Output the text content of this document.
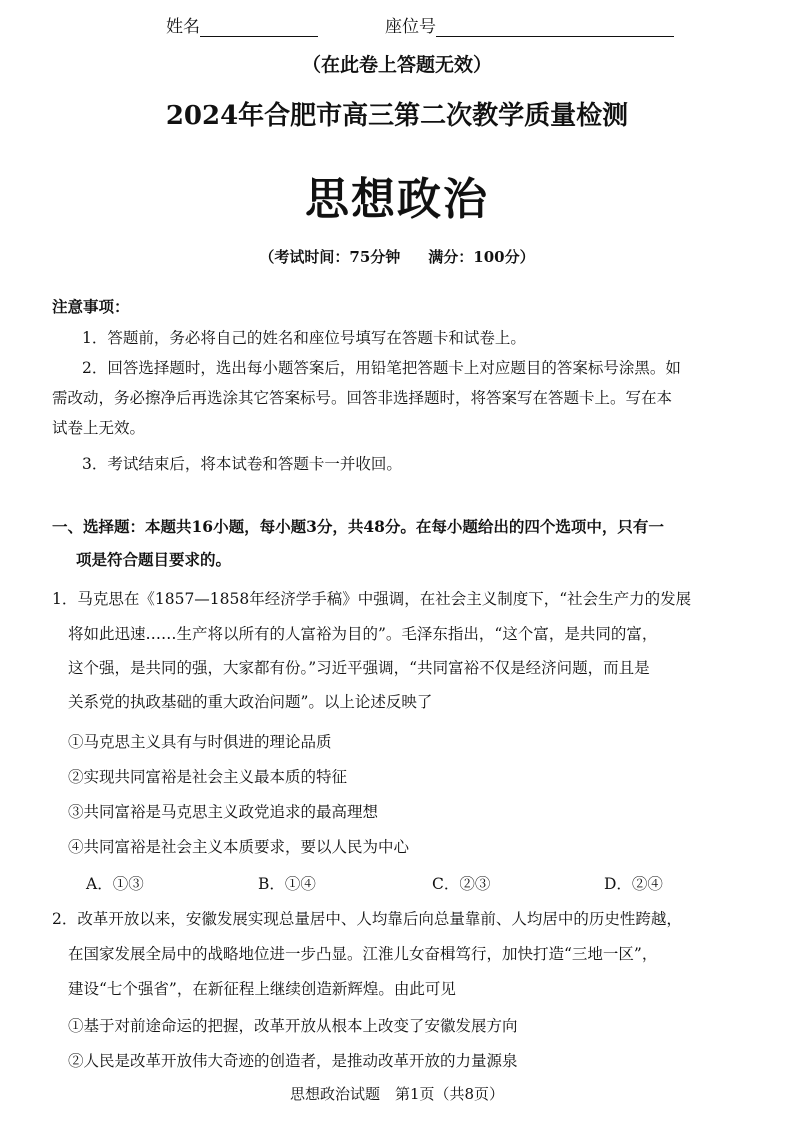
姓名	座位号
（在此卷上答题无效）
2024年合肥市高三第二次教学质量检测
思想政治
（考试时间：75分钟 满分：100分）
注意事项：
1．答题前，务必将自己的姓名和座位号填写在答题卡和试卷上。
2．回答选择题时，选出每小题答案后，用铅笔把答题卡上对应题目的答案标号涂黑。如
需改动，务必擦净后再选涂其它答案标号。回答非选择题时，将答案写在答题卡上。写在本
试卷上无效。
3．考试结束后，将本试卷和答题卡一并收回。
一、选择题：本题共16小题，每小题3分，共48分。在每小题给出的四个选项中，只有一
项是符合题目要求的。
1．马克思在《1857—1858年经济学手稿》中强调，在社会主义制度下，“社会生产力的发展
将如此迅速……生产将以所有的人富裕为目的”。毛泽东指出，“这个富，是共同的富，
这个强，是共同的强，大家都有份。”习近平强调，“共同富裕不仅是经济问题，而且是
关系党的执政基础的重大政治问题”。以上论述反映了
①马克思主义具有与时俱进的理论品质
②实现共同富裕是社会主义最本质的特征
③共同富裕是马克思主义政党追求的最高理想
④共同富裕是社会主义本质要求，要以人民为中心
A．①③	B．①④	C．②③	D．②④
2．改革开放以来，安徽发展实现总量居中、人均靠后向总量靠前、人均居中的历史性跨越，
在国家发展全局中的战略地位进一步凸显。江淮儿女奋楫笃行，加快打造“三地一区”，
建设“七个强省”，在新征程上继续创造新辉煌。由此可见
①基于对前途命运的把握，改革开放从根本上改变了安徽发展方向
②人民是改革开放伟大奇迹的创造者，是推动改革开放的力量源泉
思想政治试题　第1页（共8页）
